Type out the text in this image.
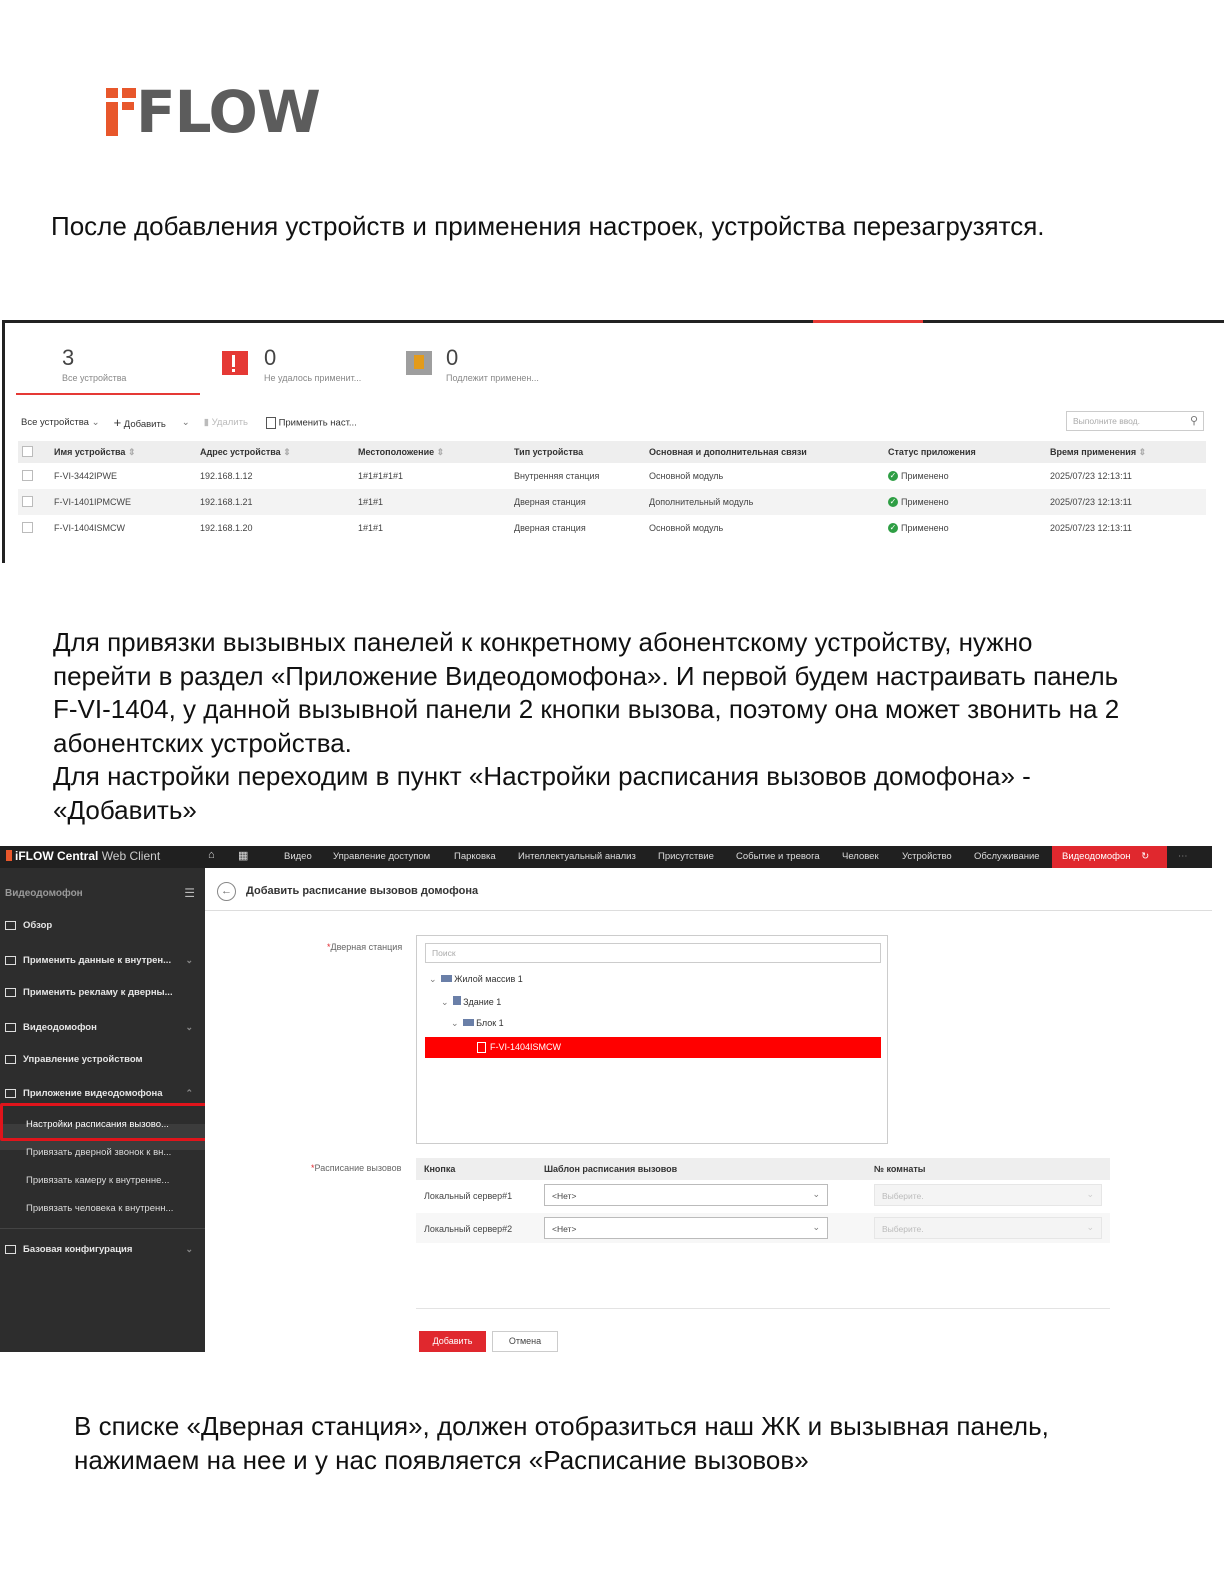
FLOW
После добавления устройств и применения настроек, устройства перезагрузятся.
3
Все устройства
0
Не удалось применит...
0
Подлежит применен...
Все устройства ⌄ + Добавить ⌄ ▮ Удалить	Применить наст...	Выполните ввод.	⚲
	Имя устройства ⇕	Адрес устройства ⇕	Местоположение ⇕	Тип устройства	Основная и дополнительная связи	Статус приложения	Время применения ⇕
	F-VI-3442IPWE	192.168.1.12	1#1#1#1#1	Внутренняя станция	Основной модуль	✓ Применено	2025/07/23 12:13:11
	F-VI-1401IPMCWE	192.168.1.21	1#1#1	Дверная станция	Дополнительный модуль	✓ Применено	2025/07/23 12:13:11
	F-VI-1404ISMCW	192.168.1.20	1#1#1	Дверная станция	Основной модуль	✓ Применено	2025/07/23 12:13:11
Для привязки вызывных панелей к конкретному абонентскому устройству, нужно
перейти в раздел «Приложение Видеодомофона». И первой будем настраивать панель
F-VI-1404, у данной вызывной панели 2 кнопки вызова, поэтому она может звонить на 2
абонентских устройства.
Для настройки переходим в пункт «Настройки расписания вызовов домофона» -
«Добавить»
iFLOW Central Web Client	⌂ ▦	Видео Управление доступом	Парковка Интеллектуальный анализ Присутствие Событие и тревога Человек Устройство Обслуживание	Видеодомофон ↻	⋯
Видеодомофон	☰
Обзор
Применить данные к внутрен... ⌄
Применить рекламу к дверны...
Видеодомофон	⌄
Управление устройством
Приложение видеодомофона	⌃
Настройки расписания вызово...
Привязать дверной звонок к вн...
Привязать камеру к внутренне...
Привязать человека к внутренн...
Базовая конфигурация	⌄
←	Добавить расписание вызовов домофона
*Дверная станция
Поиск
⌄ Жилой массив 1
⌄ Здание 1
⌄ Блок 1
F-VI-1404ISMCW
*Расписание вызовов	Кнопка	Шаблон расписания вызовов	№ комнаты
Локальный сервер#1	<Нет>	⌄	Выберите.	⌄
Локальный сервер#2	<Нет>	⌄	Выберите.	⌄
Добавить	Отмена
В списке «Дверная станция», должен отобразиться наш ЖК и вызывная панель,
нажимаем на нее и у нас появляется «Расписание вызовов»
